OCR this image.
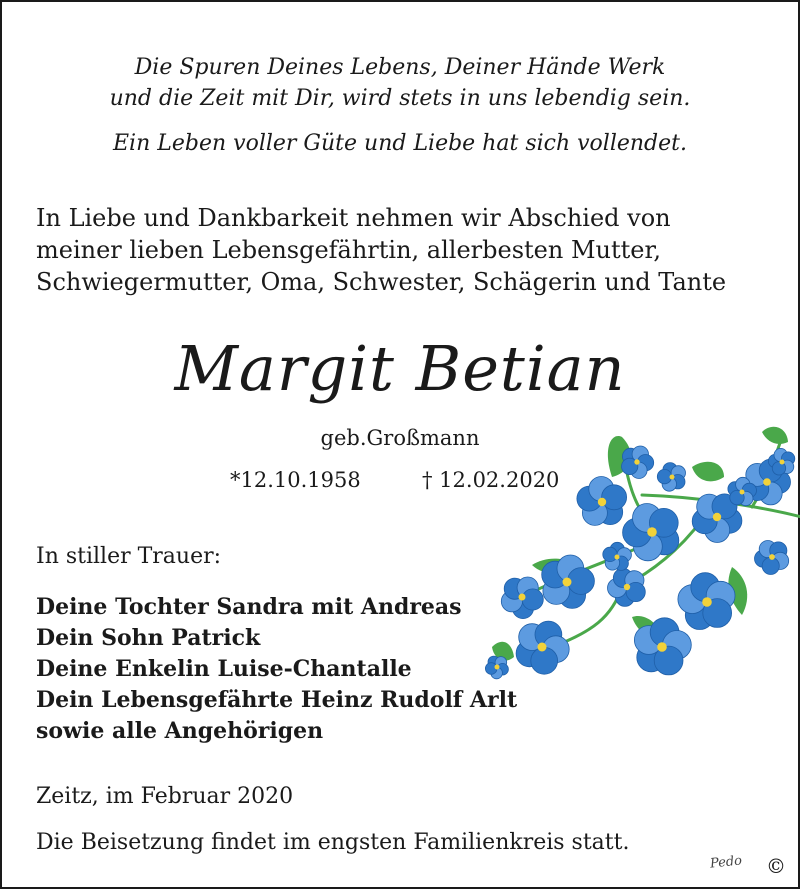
Die Spuren Deines Lebens, Deiner Hände Werk
und die Zeit mit Dir, wird stets in uns lebendig sein.
Ein Leben voller Güte und Liebe hat sich vollendet.
In Liebe und Dankbarkeit nehmen wir Abschied von
meiner lieben Lebensgefährtin, allerbesten Mutter,
Schwiegermutter, Oma, Schwester, Schägerin und Tante
Margit Betian
geb.Großmann
*12.10.1958	† 12.02.2020
In stiller Trauer:
Deine Tochter Sandra mit Andreas
Dein Sohn Patrick
Deine Enkelin Luise-Chantalle
Dein Lebensgefährte Heinz Rudolf Arlt
sowie alle Angehörigen
Zeitz, im Februar 2020
Die Beisetzung findet im engsten Familienkreis statt.
Pedo ©
